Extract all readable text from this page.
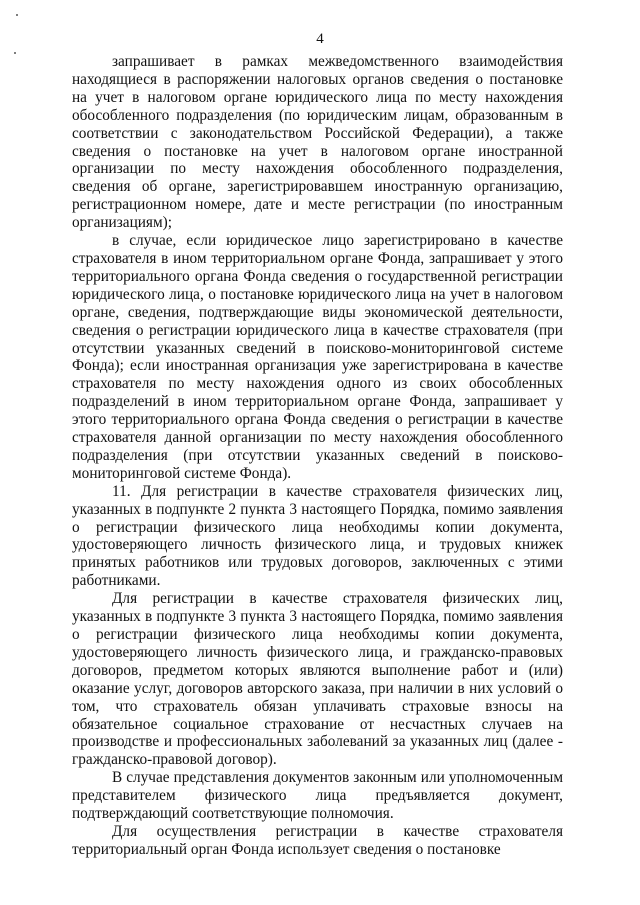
4

запрашивает в рамках межведомственного взаимодействия находящиеся в распоряжении налоговых органов сведения о постановке на учет в налоговом органе юридического лица по месту нахождения обособленного подразделения (по юридическим лицам, образованным в соответствии с законодательством Российской Федерации), а также сведения о постановке на учет в налоговом органе иностранной организации по месту нахождения обособленного подразделения, сведения об органе, зарегистрировавшем иностранную организацию, регистрационном номере, дате и месте регистрации (по иностранным организациям);

в случае, если юридическое лицо зарегистрировано в качестве страхователя в ином территориальном органе Фонда, запрашивает у этого территориального органа Фонда сведения о государственной регистрации юридического лица, о постановке юридического лица на учет в налоговом органе, сведения, подтверждающие виды экономической деятельности, сведения о регистрации юридического лица в качестве страхователя (при отсутствии указанных сведений в поисково-мониторинговой системе Фонда); если иностранная организация уже зарегистрирована в качестве страхователя по месту нахождения одного из своих обособленных подразделений в ином территориальном органе Фонда, запрашивает у этого территориального органа Фонда сведения о регистрации в качестве страхователя данной организации по месту нахождения обособленного подразделения (при отсутствии указанных сведений в поисково-мониторинговой системе Фонда).

11. Для регистрации в качестве страхователя физических лиц, указанных в подпункте 2 пункта 3 настоящего Порядка, помимо заявления о регистрации физического лица необходимы копии документа, удостоверяющего личность физического лица, и трудовых книжек принятых работников или трудовых договоров, заключенных с этими работниками.

Для регистрации в качестве страхователя физических лиц, указанных в подпункте 3 пункта 3 настоящего Порядка, помимо заявления о регистрации физического лица необходимы копии документа, удостоверяющего личность физического лица, и гражданско-правовых договоров, предметом которых являются выполнение работ и (или) оказание услуг, договоров авторского заказа, при наличии в них условий о том, что страхователь обязан уплачивать страховые взносы на обязательное социальное страхование от несчастных случаев на производстве и профессиональных заболеваний за указанных лиц (далее - гражданско-правовой договор).

В случае представления документов законным или уполномоченным представителем физического лица предъявляется документ, подтверждающий соответствующие полномочия.

Для осуществления регистрации в качестве страхователя территориальный орган Фонда использует сведения о постановке
